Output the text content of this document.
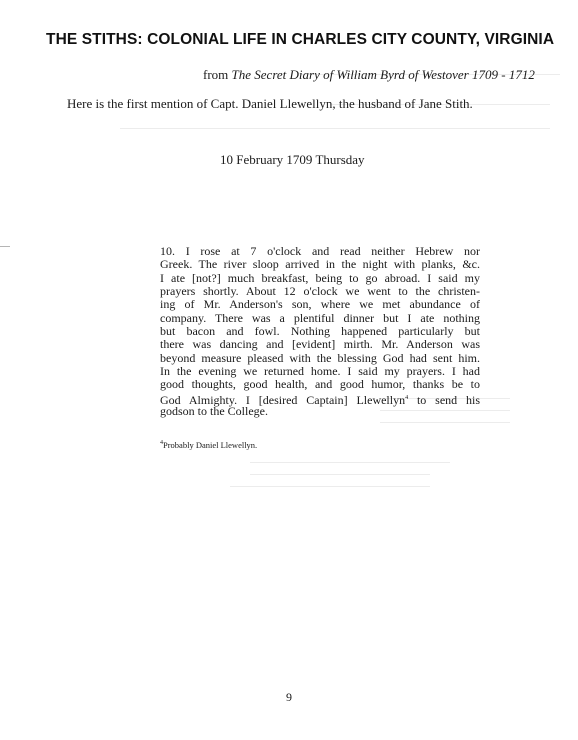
THE STITHS: COLONIAL LIFE IN CHARLES CITY COUNTY, VIRGINIA
from The Secret Diary of William Byrd of Westover 1709 - 1712
Here is the first mention of Capt. Daniel Llewellyn, the husband of Jane Stith.
10 February 1709 Thursday
10. I rose at 7 o'clock and read neither Hebrew nor
Greek. The river sloop arrived in the night with planks, &c.
I ate [not?] much breakfast, being to go abroad. I said my
prayers shortly. About 12 o'clock we went to the christen-
ing of Mr. Anderson's son, where we met abundance of
company. There was a plentiful dinner but I ate nothing
but bacon and fowl. Nothing happened particularly but
there was dancing and [evident] mirth. Mr. Anderson was
beyond measure pleased with the blessing God had sent him.
In the evening we returned home. I said my prayers. I had
good thoughts, good health, and good humor, thanks be to
God Almighty. I [desired Captain] Llewellyn$^4$ to send his
godson to the College.
$^4$Probably Daniel Llewellyn.
9
